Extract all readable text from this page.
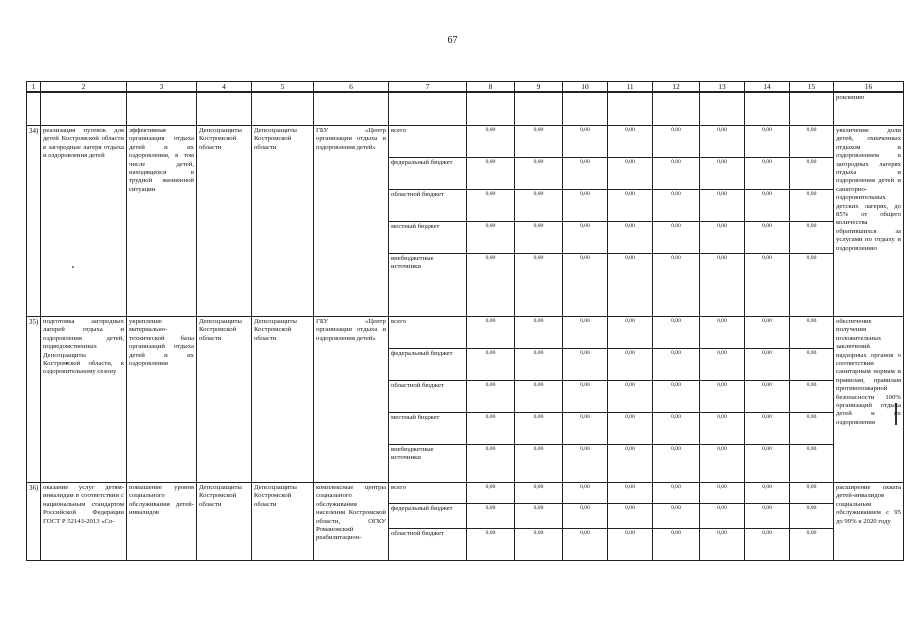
67
1	2	3	4	5	6	7	8	9	10	11	12	13	14	15	16
															ровлению
34)	реализация путевок для детей Костромской области в загородные лагеря отдыха и оздоровления детей	эффективная организация отдыха детей и их оздоровления, в том числе детей, находящихся в трудной жизненной ситуации	Депсоцзащиты Костромской области	Депсоцзащиты Костромской области	ГБУ «Центр организации отдыха и оздоровления детей»	всего	0,00	0,00	0,00	0,00	0,00	0,00	0,00	0,00	увеличение доли детей, охваченных отдыхом и оздоровлением в загородных лагерях отдыха и оздоровления детей и санаторно-оздоровительных детских лагерях, до 85% от общего количества обратившихся за услугами по отдыху и оздоровлению
						федеральный бюджет	0,00	0,00	0,00	0,00	0,00	0,00	0,00	0,00	
						областной бюджет	0,00	0,00	0,00	0,00	0,00	0,00	0,00	0,00	
						местный бюджет	0,00	0,00	0,00	0,00	0,00	0,00	0,00	0,00	
						внебюджетные источники	0,00	0,00	0,00	0,00	0,00	0,00	0,00	0,00	
35)	подготовка загородных лагерей отдыха и оздоровления детей, подведомственных Депсоцзащиты Костромской области, к оздоровительному сезону	укрепление материально-технической базы организаций отдыха детей и их оздоровления	Депсоцзащиты Костромской области	Депсоцзащиты Костромской области	ГБУ «Центр организации отдыха и оздоровления детей»	всего	0,00	0,00	0,00	0,00	0,00	0,00	0,00	0,00	обеспечение получения положительных заключений надзорных органов о соответствии санитарным нормам и правилам, правилам противопожарной безопасности 100% организаций отдыха детей и их оздоровления
						федеральный бюджет	0,00	0,00	0,00	0,00	0,00	0,00	0,00	0,00	
						областной бюджет	0,00	0,00	0,00	0,00	0,00	0,00	0,00	0,00	
						местный бюджет	0,00	0,00	0,00	0,00	0,00	0,00	0,00	0,00	
						внебюджетные источники	0,00	0,00	0,00	0,00	0,00	0,00	0,00	0,00	
36)	оказание услуг детям-инвалидам в соответствии с национальным стандартом Российской Федерации ГОСТ Р 52143-2013 «Со-	повышение уровня социального обслуживания детей-инвалидов	Депсоцзащиты Костромской области	Депсоцзащиты Костромской области	комплексные центры социального обслуживания населения Костромской области, ОГКУ Романовский реабилитацион-	всего	0,00	0,00	0,00	0,00	0,00	0,00	0,00	0,00	расширение охвата детей-инвалидов социальным обслуживанием с 95 до 99% к 2020 году
						федеральный бюджет	0,00	0,00	0,00	0,00	0,00	0,00	0,00	0,00	
						областной бюджет	0,00	0,00	0,00	0,00	0,00	0,00	0,00	0,00	
